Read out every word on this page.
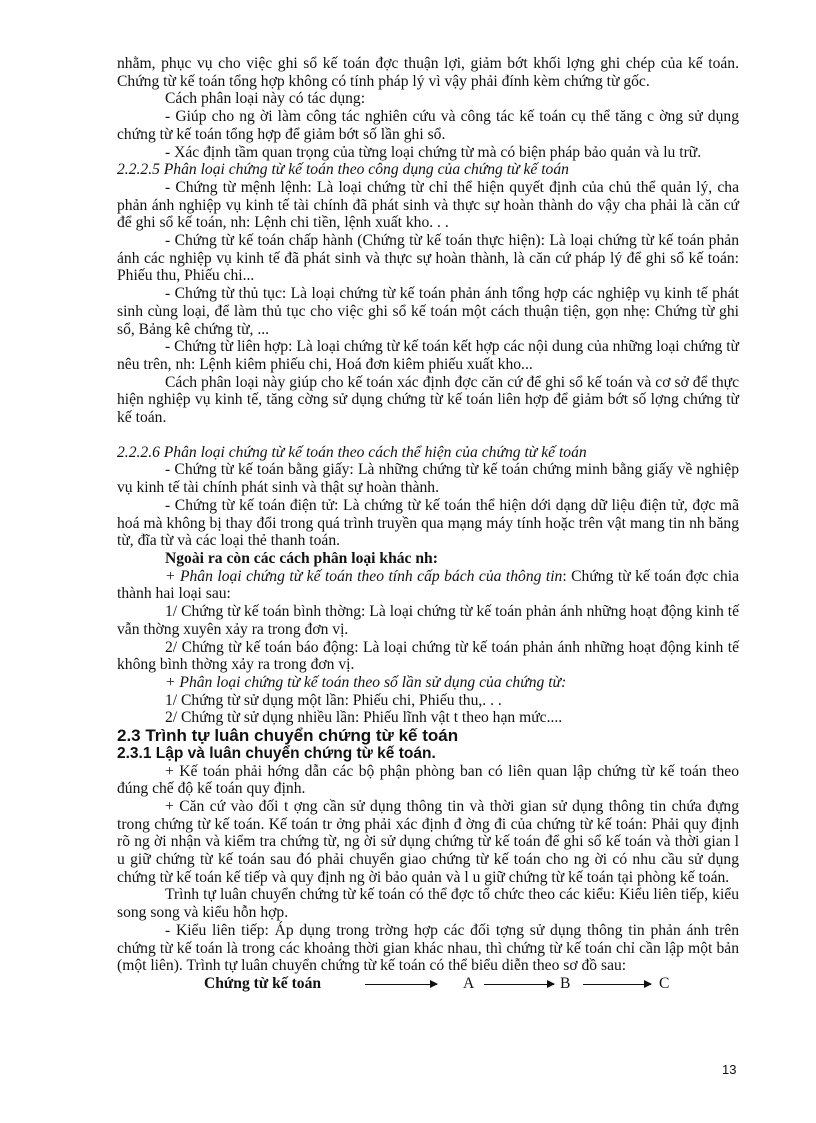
nhằm, phục vụ cho việc ghi sổ kế toán đợc thuận lợi, giảm bớt khối lợng ghi chép của kế toán. Chứng từ kế toán tổng hợp không có tính pháp lý vì vậy phải đính kèm chứng từ gốc.

Cách phân loại này có tác dụng:

- Giúp cho ng ời làm công tác nghiên cứu và công tác kế toán cụ thể tăng c ờng sử dụng chứng từ kế toán tổng hợp để giảm bớt số lần ghi sổ.

- Xác định tầm quan trọng của từng loại chứng từ mà có biện pháp bảo quản và lu trữ.

2.2.2.5 Phân loại chứng từ kế toán theo công dụng của chứng từ kế toán

- Chứng từ mệnh lệnh: Là loại chứng từ chỉ thể hiện quyết định của chủ thể quản lý, cha phản ánh nghiệp vụ kinh tế tài chính đã phát sinh và thực sự hoàn thành do vậy cha phải là căn cứ để ghi sổ kế toán, nh: Lệnh chi tiền, lệnh xuất kho. . .

- Chứng từ kế toán chấp hành (Chứng từ kế toán thực hiện): Là loại chứng từ kế toán phản ánh các nghiệp vụ kinh tế đã phát sinh và thực sự hoàn thành, là căn cứ pháp lý để ghi sổ kế toán: Phiếu thu, Phiếu chi...

- Chứng từ thủ tục: Là loại chứng từ kế toán phản ánh tổng hợp các nghiệp vụ kinh tế phát sinh cùng loại, để làm thủ tục cho việc ghi sổ kế toán một cách thuận tiện, gọn nhẹ: Chứng từ ghi sổ, Bảng kê chứng từ, ...

- Chứng từ liên hợp: Là loại chứng từ kế toán kết hợp các nội dung của những loại chứng từ nêu trên, nh: Lệnh kiêm phiếu chi, Hoá đơn kiêm phiếu xuất kho...

Cách phân loại này giúp cho kế toán xác định đợc căn cứ để ghi sổ kế toán và cơ sở để thực hiện nghiệp vụ kinh tế, tăng cờng sử dụng chứng từ kế toán liên hợp để giảm bớt số lợng chứng từ kế toán.

2.2.2.6 Phân loại chứng từ kế toán theo cách thể hiện của chứng từ kế toán

- Chứng từ kế toán bằng giấy: Là những chứng từ kế toán chứng minh bằng giấy về nghiệp vụ kinh tế tài chính phát sinh và thật sự hoàn thành.

- Chứng từ kế toán điện tử: Là chứng từ kế toán thể hiện dới dạng dữ liệu điện tử, đợc mã hoá mà không bị thay đổi trong quá trình truyền qua mạng máy tính hoặc trên vật mang tin nh băng từ, đĩa từ và các loại thẻ thanh toán.

Ngoài ra còn các cách phân loại khác nh:

+ Phân loại chứng từ kế toán theo tính cấp bách của thông tin: Chứng từ kế toán đợc chia thành hai loại sau:

1/ Chứng từ kế toán bình thờng: Là loại chứng từ kế toán phản ánh những hoạt động kinh tế vẫn thờng xuyên xảy ra trong đơn vị.

2/ Chứng từ kế toán báo động: Là loại chứng từ kế toán phản ánh những hoạt động kinh tế không bình thờng xảy ra trong đơn vị.

+ Phân loại chứng từ kế toán theo số lần sử dụng của chứng từ:

1/ Chứng từ sử dụng một lần: Phiếu chi, Phiếu thu,. . .

2/ Chứng từ sử dụng nhiều lần: Phiếu lĩnh vật t theo hạn mức....

2.3 Trình tự luân chuyển chứng từ kế toán

2.3.1 Lập và luân chuyển chứng từ kế toán.

+ Kế toán phải hớng dẫn các bộ phận phòng ban có liên quan lập chứng từ kế toán theo đúng chế độ kế toán quy định.

+ Căn cứ vào đối t ợng cần sử dụng thông tin và thời gian sử dụng thông tin chứa đựng trong chứng từ kế toán. Kế toán tr ởng phải xác định đ ờng đi của chứng từ kế toán: Phải quy định rõ ng ời nhận và kiểm tra chứng từ, ng ời sử dụng chứng từ kế toán để ghi sổ kế toán và thời gian l u giữ chứng từ kế toán sau đó phải chuyển giao chứng từ kế toán cho ng ời có nhu cầu sử dụng chứng từ kế toán kế tiếp và quy định ng ời bảo quản và l u giữ chứng từ kế toán tại phòng kế toán.

Trình tự luân chuyển chứng từ kế toán có thể đợc tổ chức theo các kiểu: Kiểu liên tiếp, kiểu song song và kiểu hỗn hợp.

- Kiểu liên tiếp: Áp dụng trong trờng hợp các đối tợng sử dụng thông tin phản ánh trên chứng từ kế toán là trong các khoảng thời gian khác nhau, thì chứng từ kế toán chỉ cần lập một bản (một liên). Trình tự luân chuyển chứng từ kế toán có thể biểu diễn theo sơ đồ sau:

Chứng từ kế toán	A	B	C
13
